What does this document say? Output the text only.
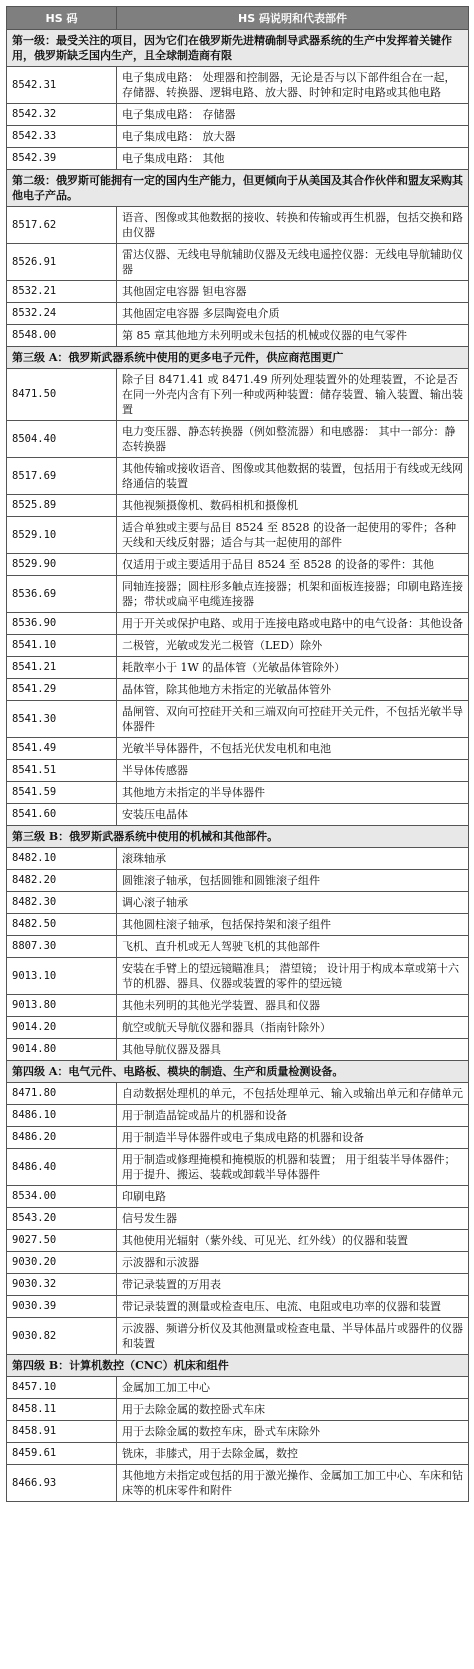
HS 码	HS 码说明和代表部件
第一级：最受关注的项目，因为它们在俄罗斯先进精确制导武器系统的生产中发挥着关键作用，俄罗斯缺乏国内生产，且全球制造商有限	
8542.31	电子集成电路： 处理器和控制器，无论是否与以下部件组合在一起，存储器、转换器、逻辑电路、放大器、时钟和定时电路或其他电路
8542.32	电子集成电路： 存储器
8542.33	电子集成电路： 放大器
8542.39	电子集成电路： 其他
第二级：俄罗斯可能拥有一定的国内生产能力，但更倾向于从美国及其合作伙伴和盟友采购其他电子产品。	
8517.62	语音、图像或其他数据的接收、转换和传输或再生机器，包括交换和路由仪器
8526.91	雷达仪器、无线电导航辅助仪器及无线电遥控仪器：无线电导航辅助仪器
8532.21	其他固定电容器 钽电容器
8532.24	其他固定电容器 多层陶瓷电介质
8548.00	第 85 章其他地方未列明或未包括的机械或仪器的电气零件
第三级 A：俄罗斯武器系统中使用的更多电子元件，供应商范围更广	
8471.50	除子目 8471.41 或 8471.49 所列处理装置外的处理装置，不论是否在同一外壳内含有下列一种或两种装置：储存装置、输入装置、输出装置
8504.40	电力变压器、静态转换器（例如整流器）和电感器： 其中一部分：静态转换器
8517.69	其他传输或接收语音、图像或其他数据的装置，包括用于有线或无线网络通信的装置
8525.89	其他视频摄像机、数码相机和摄像机
8529.10	适合单独或主要与品目 8524 至 8528 的设备一起使用的零件；各种天线和天线反射器；适合与其一起使用的部件
8529.90	仅适用于或主要适用于品目 8524 至 8528 的设备的零件：其他
8536.69	同轴连接器；圆柱形多触点连接器；机架和面板连接器；印刷电路连接器；带状或扁平电缆连接器
8536.90	用于开关或保护电路、或用于连接电路或电路中的电气设备：其他设备
8541.10	二极管，光敏或发光二极管（LED）除外
8541.21	耗散率小于 1W 的晶体管（光敏晶体管除外）
8541.29	晶体管，除其他地方未指定的光敏晶体管外
8541.30	晶闸管、双向可控硅开关和三端双向可控硅开关元件，不包括光敏半导体器件
8541.49	光敏半导体器件，不包括光伏发电机和电池
8541.51	半导体传感器
8541.59	其他地方未指定的半导体器件
8541.60	安装压电晶体
第三级 B：俄罗斯武器系统中使用的机械和其他部件。	
8482.10	滚珠轴承
8482.20	圆锥滚子轴承，包括圆锥和圆锥滚子组件
8482.30	调心滚子轴承
8482.50	其他圆柱滚子轴承，包括保持架和滚子组件
8807.30	飞机、直升机或无人驾驶飞机的其他部件
9013.10	安装在手臂上的望远镜瞄准具； 潜望镜； 设计用于构成本章或第十六节的机器、器具、仪器或装置的零件的望远镜
9013.80	其他未列明的其他光学装置、器具和仪器
9014.20	航空或航天导航仪器和器具（指南针除外）
9014.80	其他导航仪器及器具
第四级 A：电气元件、电路板、模块的制造、生产和质量检测设备。	
8471.80	自动数据处理机的单元，不包括处理单元、输入或输出单元和存储单元
8486.10	用于制造晶锭或晶片的机器和设备
8486.20	用于制造半导体器件或电子集成电路的机器和设备
8486.40	用于制造或修理掩模和掩模版的机器和装置； 用于组装半导体器件；用于提升、搬运、装载或卸载半导体器件
8534.00	印刷电路
8543.20	信号发生器
9027.50	其他使用光辐射（紫外线、可见光、红外线）的仪器和装置
9030.20	示波器和示波器
9030.32	带记录装置的万用表
9030.39	带记录装置的测量或检查电压、电流、电阻或电功率的仪器和装置
9030.82	示波器、频谱分析仪及其他测量或检查电量、半导体晶片或器件的仪器和装置
第四级 B：计算机数控（CNC）机床和组件	
8457.10	金属加工加工中心
8458.11	用于去除金属的数控卧式车床
8458.91	用于去除金属的数控车床，卧式车床除外
8459.61	铣床，非膝式，用于去除金属，数控
8466.93	其他地方未指定或包括的用于激光操作、金属加工加工中心、车床和钻床等的机床零件和附件
